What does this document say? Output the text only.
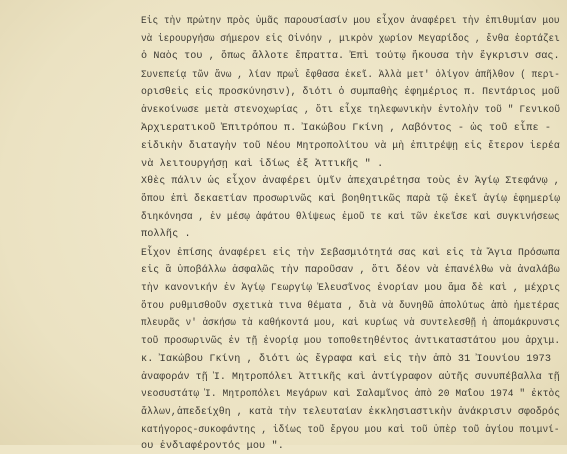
Εἰς τὴν πρώτην πρὸς ὑμᾶς παρουσίασίν μου εἶχον ἀναφέρει τὴν ἐπιθυμίαν μου
νὰ ἱερουργήσω σήμερον εἰς Οἰνόην , μικρὸν χωρίον Μεγαρίδος , ἔνθα ἑορτάζει
ὁ Ναὸς του , ὅπως ἄλλοτε ἔπραττα. Ἐπὶ τούτῳ ἤκουσα τὴν ἔγκρισιν σας.
Συνεπείᾳ τῶν ἄνω , λίαν πρωῒ ἔφθασα ἐκεῖ. Ἀλλὰ μετ' ὀλίγον ἀπῆλθον ( περι-
ορισθεὶς εἰς προσκύνησιν), διότι ὁ συμπαθὴς ἐφημέριος π. Πεντάριος μοῦ
ἀνεκοίνωσε μετὰ στενοχωρίας , ὅτι εἶχε τηλεφωνικὴν ἐντολὴν τοῦ " Γενικοῦ
Ἀρχιερατικοῦ Ἐπιτρόπου π. Ἰακώβου Γκίνη , Λαβόντος - ὡς τοῦ εἶπε -
εἰδικὴν διαταγὴν τοῦ Νέου Μητροπολίτου νὰ μὴ ἐπιτρέψῃ εἰς ἕτερον ἱερέα
νὰ λειτουργήσῃ καὶ ἰδίως ἐξ Ἀττικῆς " .
Χθὲς πάλιν ὡς εἶχον ἀναφέρει ὑμῖν ἀπεχαιρέτησα τοὺς ἐν Ἁγίῳ Στεφάνῳ ,
ὅπου ἐπὶ δεκαετίαν προσωρινῶς καὶ βοηθητικῶς παρὰ τῷ ἐκεῖ ἁγίῳ ἐφημερίῳ
διηκόνησα , ἐν μέσῳ ἀφάτου θλίψεως ἐμοῦ τε καὶ τῶν ἐκεῖσε καὶ συγκινήσεως
πολλῆς .
Εἶχον ἐπίσης ἀναφέρει εἰς τὴν Σεβασμιότητά σας καὶ εἰς τὰ Ἅγια Πρόσωπα
εἰς ἃ ὑποβάλλω ἀσφαλῶς τὴν παροῦσαν , ὅτι δέον νὰ ἐπανέλθω νὰ ἀναλάβω
τὴν κανονικήν ἐν Ἁγίῳ Γεωργίῳ Ἐλευσῖνος ἐνορίαν μου ἅμα δὲ καὶ , μέχρις
ὅτου ρυθμισθοῦν σχετικὰ τινα θέματα , διὰ νὰ δυνηθῶ ἀπολύτως ἀπὸ ἡμετέρας
πλευρᾶς ν' ἀσκήσω τὰ καθήκοντά μου, καὶ κυρίως νὰ συντελεσθῇ ἡ ἀπομάκρυνσις
τοῦ προσωρινῶς ἐν τῇ ἐνορίᾳ μου τοποθετηθέντος ἀντικαταστάτου μου ἀρχιμ.
κ. Ἰακώβου Γκίνη , διότι ὡς ἔγραφα καὶ εἰς τὴν ἀπὸ 31 Ἰουνίου 1973
ἀναφοράν τῇ Ἱ. Μητροπόλει Ἀττικῆς καὶ ἀντίγραφον αὐτῆς συνυπέβαλλα τῇ
νεοσυστάτῳ Ἱ. Μητροπόλει Μεγάρων καὶ Σαλαμῖνος ἀπὸ 20 Μαΐου 1974 " ἐκτὸς
ἄλλων,ἀπεδείχθη , κατὰ τὴν τελευταίαν ἐκκλησιαστικὴν ἀνάκρισιν σφοδρός
κατήγορος-συκοφάντης , ἰδίως τοῦ ἔργου μου καὶ τοῦ ὑπὲρ τοῦ ἁγίου ποιμνί-
ου ἐνδιαφέροντός μου ".
